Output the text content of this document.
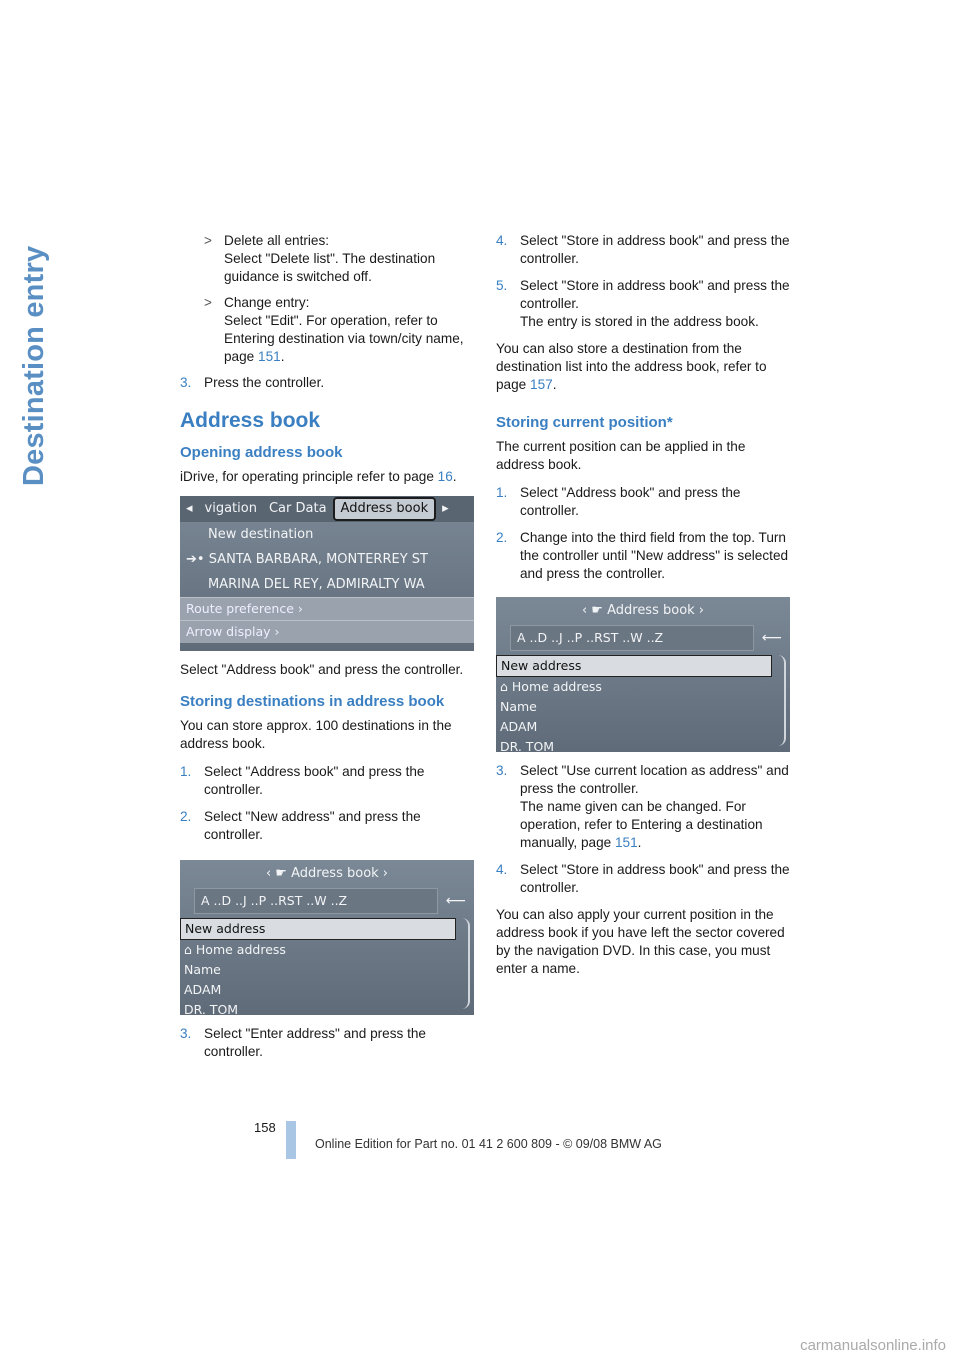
Destination entry
> Delete all entries:
Select "Delete list". The destination guidance is switched off.
> Change entry:
Select "Edit". For operation, refer to Entering destination via town/city name, page 151.
3. Press the controller.
Address book
Opening address book

iDrive, for operating principle refer to page 16.

◂ vigation Car Data	Address book	▸
New destination
➔• SANTA BARBARA, MONTERREY ST
MARINA DEL REY, ADMIRALTY WA
Route preference ›
Arrow display ›

Select "Address book" and press the controller.

Storing destinations in address book

You can store approx. 100 destinations in the address book.

1. Select "Address book" and press the controller.
2. Select "New address" and press the controller.
‹ ☛ Address book ›
A ..D ..J ..P ..RST ..W ..Z	⟵
New address
⌂ Home address
Name
ADAM
DR. TOM
3. Select "Enter address" and press the controller.
4. Select "Store in address book" and press the controller.
5. Select "Store in address book" and press the controller.
The entry is stored in the address book.

You can also store a destination from the destination list into the address book, refer to page 157.

Storing current position*

The current position can be applied in the address book.

1. Select "Address book" and press the controller.
2. Change into the third field from the top. Turn the controller until "New address" is selected and press the controller.
‹ ☛ Address book ›
A ..D ..J ..P ..RST ..W ..Z	⟵
New address
⌂ Home address
Name
ADAM
DR. TOM
3. Select "Use current location as address" and press the controller.
The name given can be changed. For operation, refer to Entering a destination manually, page 151.
4. Select "Store in address book" and press the controller.

You can also apply your current position in the address book if you have left the sector covered by the navigation DVD. In this case, you must enter a name.

158
Online Edition for Part no. 01 41 2 600 809 - © 09/08 BMW AG
carmanualsonline.info
